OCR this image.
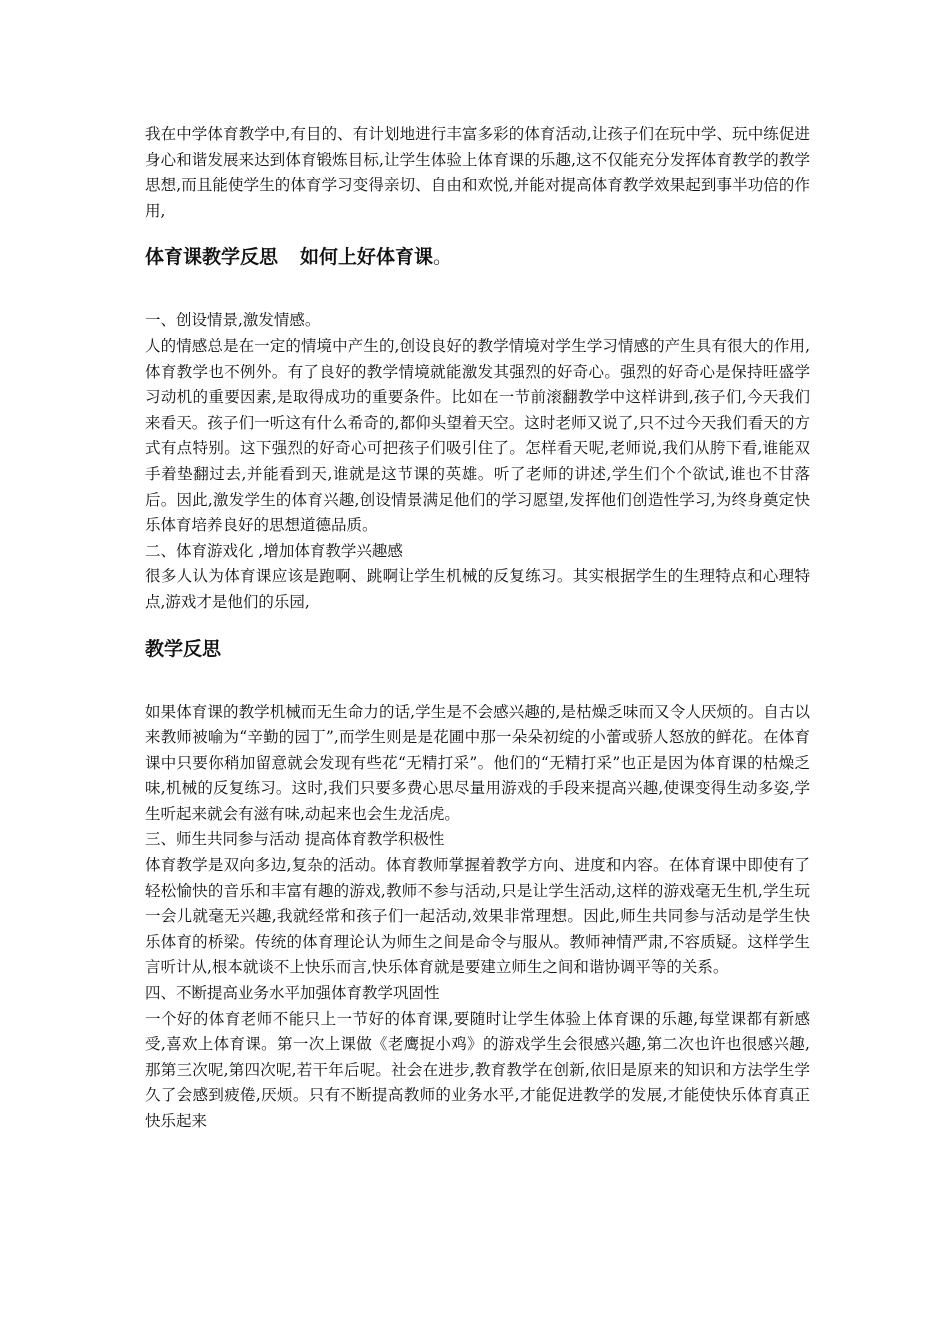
我在中学体育教学中,有目的、有计划地进行丰富多彩的体育活动,让孩子们在玩中学、玩中练促进身心和谐发展来达到体育锻炼目标,让学生体验上体育课的乐趣,这不仅能充分发挥体育教学的教学思想,而且能使学生的体育学习变得亲切、自由和欢悦,并能对提高体育教学效果起到事半功倍的作用,

体育课教学反思 如何上好体育课。

一、创设情景,激发情感。

人的情感总是在一定的情境中产生的,创设良好的教学情境对学生学习情感的产生具有很大的作用,体育教学也不例外。有了良好的教学情境就能激发其强烈的好奇心。强烈的好奇心是保持旺盛学习动机的重要因素,是取得成功的重要条件。比如在一节前滚翻教学中这样讲到,孩子们,今天我们来看天。孩子们一听这有什么希奇的,都仰头望着天空。这时老师又说了,只不过今天我们看天的方式有点特别。这下强烈的好奇心可把孩子们吸引住了。怎样看天呢,老师说,我们从胯下看,谁能双手着垫翻过去,并能看到天,谁就是这节课的英雄。听了老师的讲述,学生们个个欲试,谁也不甘落后。因此,激发学生的体育兴趣,创设情景满足他们的学习愿望,发挥他们创造性学习,为终身奠定快乐体育培养良好的思想道德品质。

二、体育游戏化 ,增加体育教学兴趣感

很多人认为体育课应该是跑啊、跳啊让学生机械的反复练习。其实根据学生的生理特点和心理特点,游戏才是他们的乐园,

教学反思

如果体育课的教学机械而无生命力的话,学生是不会感兴趣的,是枯燥乏味而又令人厌烦的。自古以来教师被喻为“辛勤的园丁”,而学生则是是花圃中那一朵朵初绽的小蕾或骄人怒放的鲜花。在体育课中只要你稍加留意就会发现有些花“无精打采”。他们的“无精打采”也正是因为体育课的枯燥乏味,机械的反复练习。这时,我们只要多费心思尽量用游戏的手段来提高兴趣,使课变得生动多姿,学生听起来就会有滋有味,动起来也会生龙活虎。

三、师生共同参与活动 提高体育教学积极性

体育教学是双向多边,复杂的活动。体育教师掌握着教学方向、进度和内容。在体育课中即使有了轻松愉快的音乐和丰富有趣的游戏,教师不参与活动,只是让学生活动,这样的游戏毫无生机,学生玩一会儿就毫无兴趣,我就经常和孩子们一起活动,效果非常理想。因此,师生共同参与活动是学生快乐体育的桥梁。传统的体育理论认为师生之间是命令与服从。教师神情严肃,不容质疑。这样学生言听计从,根本就谈不上快乐而言,快乐体育就是要建立师生之间和谐协调平等的关系。

四、不断提高业务水平加强体育教学巩固性

一个好的体育老师不能只上一节好的体育课,要随时让学生体验上体育课的乐趣,每堂课都有新感受,喜欢上体育课。第一次上课做《老鹰捉小鸡》的游戏学生会很感兴趣,第二次也许也很感兴趣,那第三次呢,第四次呢,若干年后呢。社会在进步,教育教学在创新,依旧是原来的知识和方法学生学久了会感到疲倦,厌烦。只有不断提高教师的业务水平,才能促进教学的发展,才能使快乐体育真正快乐起来
